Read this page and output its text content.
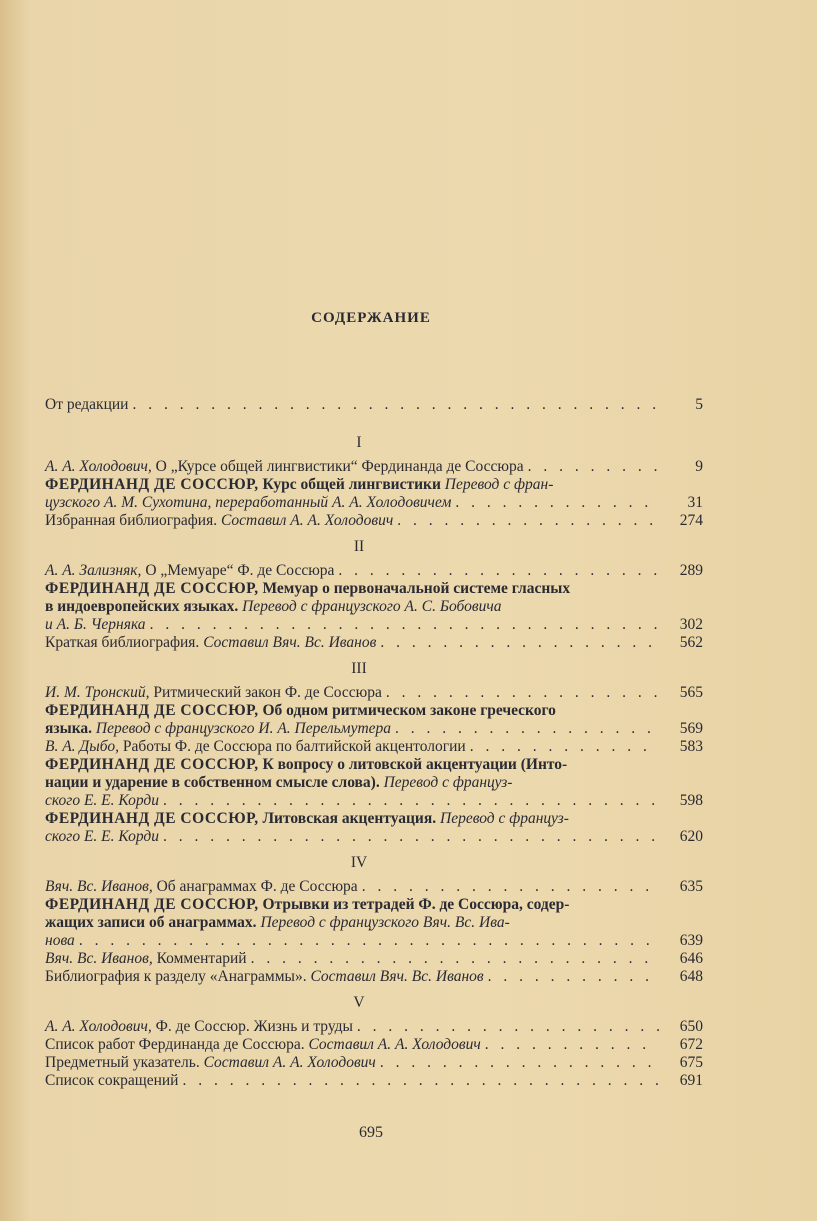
СОДЕРЖАНИЕ
От редакции . . .	5
I
А. А. Холодович, О „Курсе общей лингвистики“ Фердинанда де Соссюра . . .	9
ФЕРДИНАНД ДЕ СОССЮР, Курс общей лингвистики Перевод с фран-
цузского А. М. Сухотина, переработанный А. А. Холодовичем . . .	31
Избранная библиография. Составил А. А. Холодович . . .	274
II
А. А. Зализняк, О „Мемуаре“ Ф. де Соссюра . . .	289
ФЕРДИНАНД ДЕ СОССЮР, Мемуар о первоначальной системе гласных
в индоевропейских языках. Перевод с французского А. С. Бобовича
и А. Б. Черняка . . .	302
Краткая библиография. Составил Вяч. Вс. Иванов . . .	562
III
И. М. Тронский, Ритмический закон Ф. де Соссюра . . .	565
ФЕРДИНАНД ДЕ СОССЮР, Об одном ритмическом законе греческого
языка. Перевод с французского И. А. Перельмутера . . .	569
В. А. Дыбо, Работы Ф. де Соссюра по балтийской акцентологии . . .	583
ФЕРДИНАНД ДЕ СОССЮР, К вопросу о литовской акцентуации (Инто-
нации и ударение в собственном смысле слова). Перевод с француз-
ского Е. Е. Корди . . .	598
ФЕРДИНАНД ДЕ СОССЮР, Литовская акцентуация. Перевод с француз-
ского Е. Е. Корди . . .	620
IV
Вяч. Вс. Иванов, Об анаграммах Ф. де Соссюра . . .	635
ФЕРДИНАНД ДЕ СОССЮР, Отрывки из тетрадей Ф. де Соссюра, содер-
жащих записи об анаграммах. Перевод с французского Вяч. Вс. Ива-
нова . . .	639
Вяч. Вс. Иванов, Комментарий . . .	646
Библиография к разделу «Анаграммы». Составил Вяч. Вс. Иванов . . .	648
V
А. А. Холодович, Ф. де Соссюр. Жизнь и труды . . .	650
Список работ Фердинанда де Соссюра. Составил А. А. Холодович . . .	672
Предметный указатель. Составил А. А. Холодович . . .	675
Список сокращений . . .	691
695
